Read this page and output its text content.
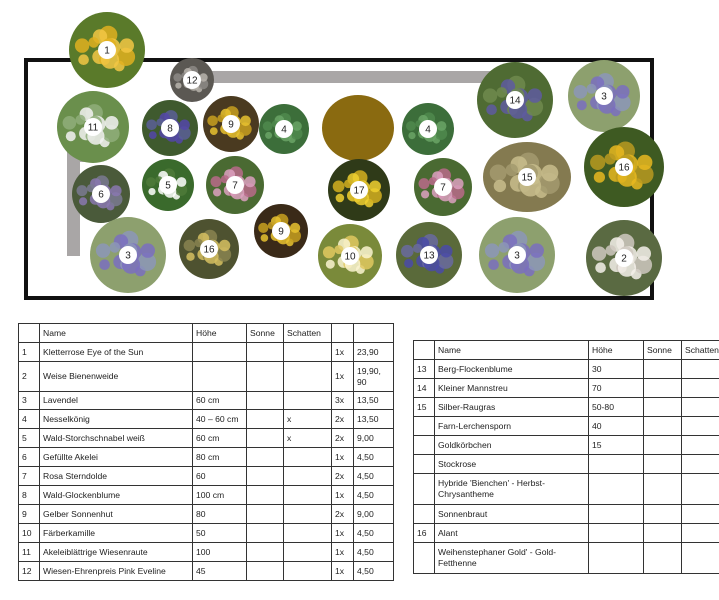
1
12
14	3
11	8	9	4	4
16
15
6
5	7	17	7
16
9
3	10	13	3	2
	Name	Höhe	Sonne	Schatten		
1	Kletterrose Eye of the Sun				1x	23,90
2	Weise Bienenweide				1x	19,90, 90
3	Lavendel	60 cm			3x	13,50
4	Nesselkönig	40 – 60 cm		x	2x	13,50
5	Wald-Storchschnabel weiß	60 cm		x	2x	9,00
6	Gefüllte Akelei	80 cm			1x	4,50
7	Rosa Sterndolde	60			2x	4,50
8	Wald-Glockenblume	100 cm			1x	4,50
9	Gelber Sonnenhut	80			2x	9,00
10	Färberkamille	50			1x	4,50
11	Akeleiblättrige Wiesenraute	100			1x	4,50
12	Wiesen-Ehrenpreis Pink Eveline	45			1x	4,50
	Name	Höhe	Sonne	Schatten
13	Berg-Flockenblume	30		
14	Kleiner Mannstreu	70		
15	Silber-Raugras	50-80		
	Farn-Lerchensporn	40		
	Goldkörbchen	15		
	Stockrose			
	Hybride 'Bienchen' - Herbst-Chrysanthemе			
	Sonnenbraut			
16	Alant			
	Weihenstephaner Gold' - Gold-Fetthenne			
